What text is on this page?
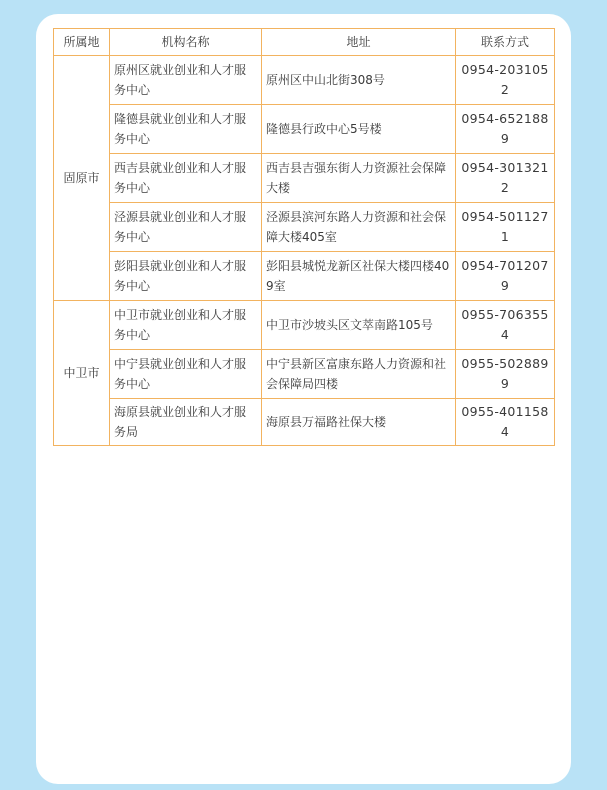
所属地	机构名称	地址	联系方式
固原市	原州区就业创业和人才服务中心	原州区中山北街308号	0954-2031052
	隆德县就业创业和人才服务中心	隆德县行政中心5号楼	0954-6521889
	西吉县就业创业和人才服务中心	西吉县吉强东街人力资源社会保障大楼	0954-3013212
	泾源县就业创业和人才服务中心	泾源县滨河东路人力资源和社会保障大楼405室	0954-5011271
	彭阳县就业创业和人才服务中心	彭阳县城悦龙新区社保大楼四楼409室	0954-7012079
中卫市	中卫市就业创业和人才服务中心	中卫市沙坡头区文萃南路105号	0955-7063554
	中宁县就业创业和人才服务中心	中宁县新区富康东路人力资源和社会保障局四楼	0955-5028899
	海原县就业创业和人才服务局	海原县万福路社保大楼	0955-4011584
